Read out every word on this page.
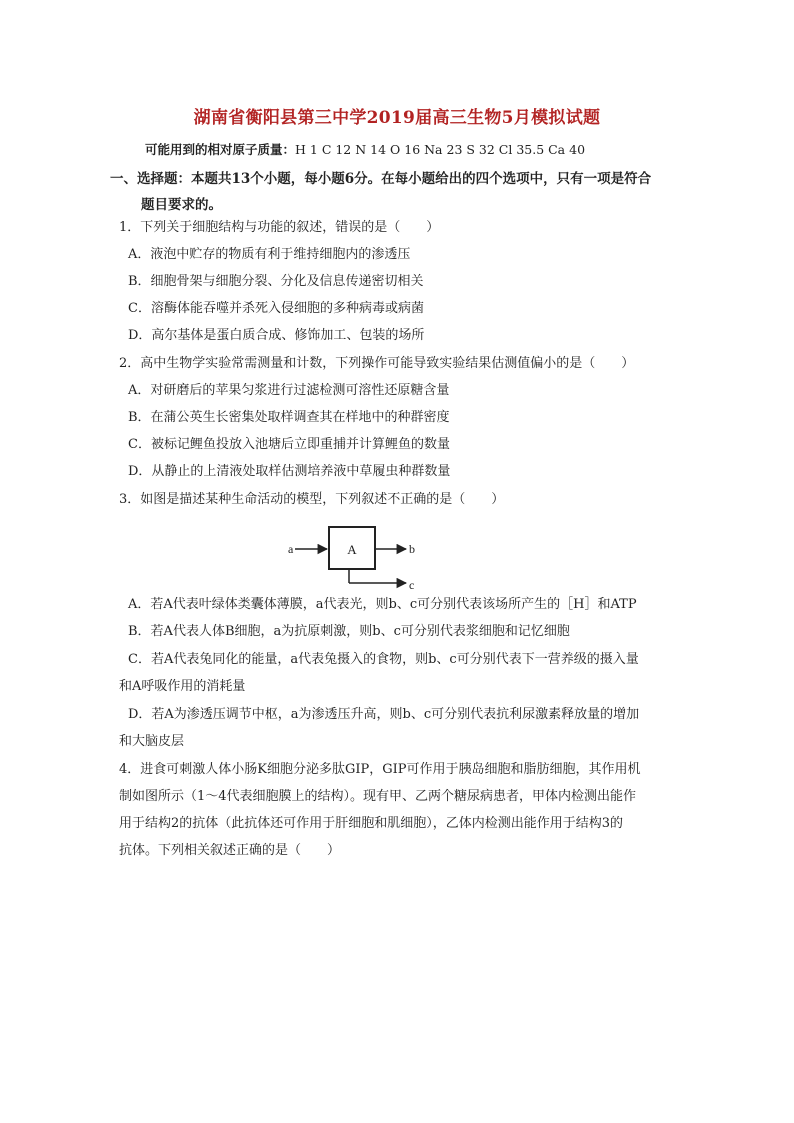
湖南省衡阳县第三中学2019届高三生物5月模拟试题
可能用到的相对原子质量：H 1 C 12 N 14 O 16 Na 23 S 32 Cl 35.5 Ca 40
一、选择题：本题共13个小题，每小题6分。在每小题给出的四个选项中，只有一项是符合

题目要求的。
1．下列关于细胞结构与功能的叙述，错误的是（　　）
A．液泡中贮存的物质有利于维持细胞内的渗透压
B．细胞骨架与细胞分裂、分化及信息传递密切相关
C．溶酶体能吞噬并杀死入侵细胞的多种病毒或病菌
D．高尔基体是蛋白质合成、修饰加工、包装的场所
2．高中生物学实验常需测量和计数，下列操作可能导致实验结果估测值偏小的是（　　）
A．对研磨后的苹果匀浆进行过滤检测可溶性还原糖含量
B．在蒲公英生长密集处取样调查其在样地中的种群密度
C．被标记鲤鱼投放入池塘后立即重捕并计算鲤鱼的数量
D．从静止的上清液处取样估测培养液中草履虫种群数量
3．如图是描述某种生命活动的模型，下列叙述不正确的是（　　）
a	A	b
c
A．若A代表叶绿体类囊体薄膜，a代表光，则b、c可分别代表该场所产生的［H］和ATP
B．若A代表人体B细胞，a为抗原刺激，则b、c可分别代表浆细胞和记忆细胞
C．若A代表兔同化的能量，a代表兔摄入的食物，则b、c可分别代表下一营养级的摄入量
和A呼吸作用的消耗量
D．若A为渗透压调节中枢，a为渗透压升高，则b、c可分别代表抗利尿激素释放量的增加
和大脑皮层
4．进食可刺激人体小肠K细胞分泌多肽GIP，GIP可作用于胰岛细胞和脂肪细胞，其作用机
制如图所示（1～4代表细胞膜上的结构）。现有甲、乙两个糖尿病患者，甲体内检测出能作
用于结构2的抗体（此抗体还可作用于肝细胞和肌细胞），乙体内检测出能作用于结构3的
抗体。下列相关叙述正确的是（　　）
